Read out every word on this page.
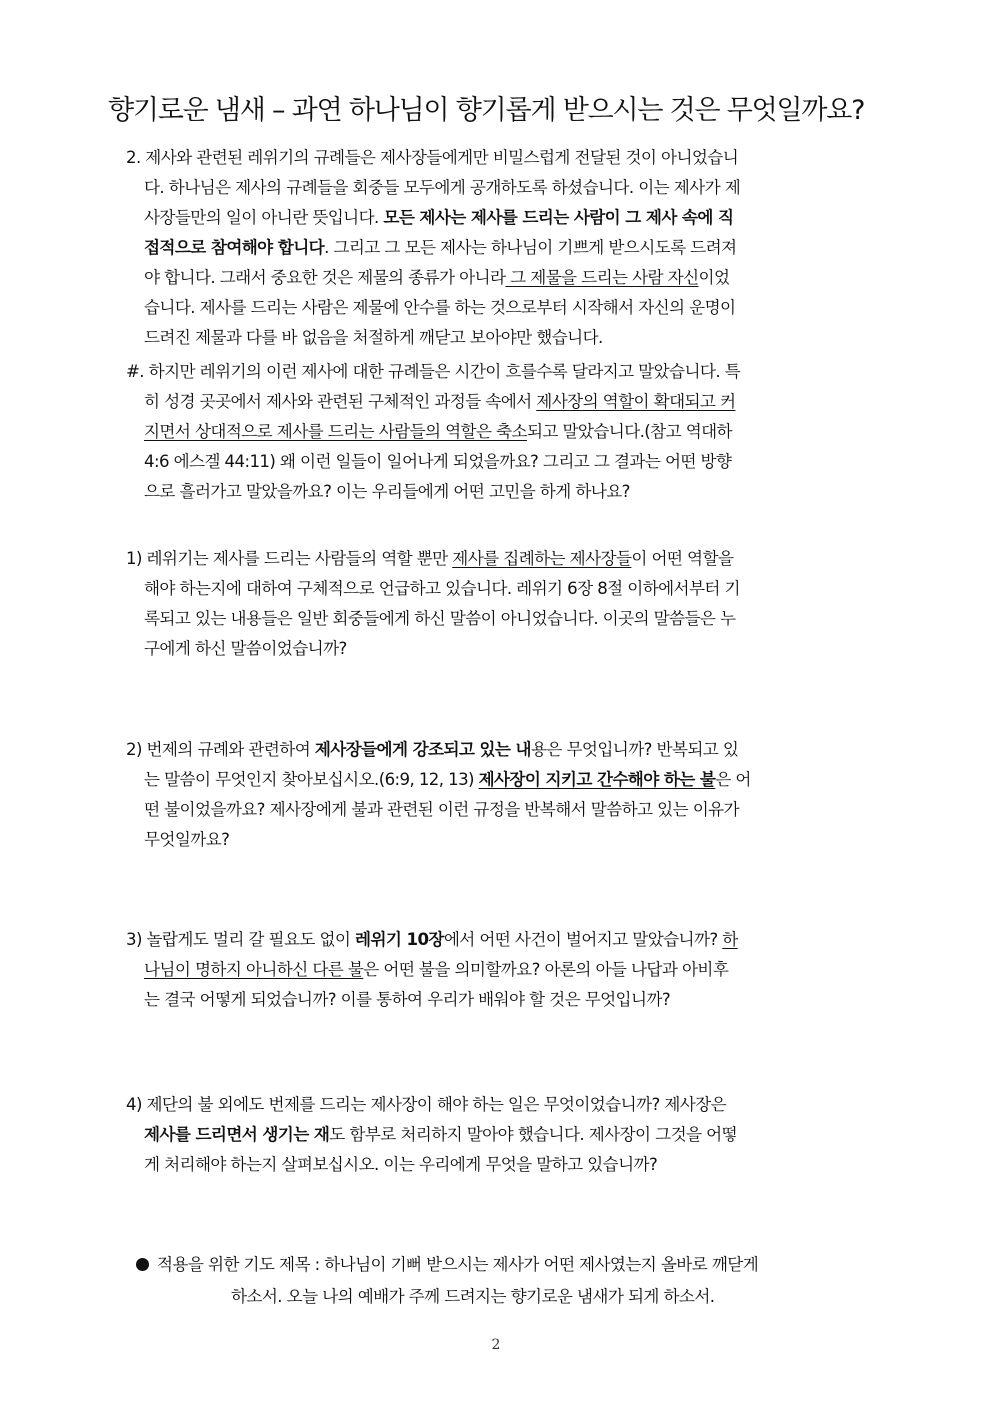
향기로운 냄새 – 과연 하나님이 향기롭게 받으시는 것은 무엇일까요?
2. 제사와 관련된 레위기의 규례들은 제사장들에게만 비밀스럽게 전달된 것이 아니었습니
다. 하나님은 제사의 규례들을 회중들 모두에게 공개하도록 하셨습니다. 이는 제사가 제
사장들만의 일이 아니란 뜻입니다. 모든 제사는 제사를 드리는 사람이 그 제사 속에 직
접적으로 참여해야 합니다. 그리고 그 모든 제사는 하나님이 기쁘게 받으시도록 드려져
야 합니다. 그래서 중요한 것은 제물의 종류가 아니라 그 제물을 드리는 사람 자신이었
습니다. 제사를 드리는 사람은 제물에 안수를 하는 것으로부터 시작해서 자신의 운명이
드려진 제물과 다를 바 없음을 처절하게 깨닫고 보아야만 했습니다.
#. 하지만 레위기의 이런 제사에 대한 규례들은 시간이 흐를수록 달라지고 말았습니다. 특
히 성경 곳곳에서 제사와 관련된 구체적인 과정들 속에서 제사장의 역할이 확대되고 커
지면서 상대적으로 제사를 드리는 사람들의 역할은 축소되고 말았습니다.(참고 역대하
4:6 에스겔 44:11) 왜 이런 일들이 일어나게 되었을까요? 그리고 그 결과는 어떤 방향
으로 흘러가고 말았을까요? 이는 우리들에게 어떤 고민을 하게 하나요?
1) 레위기는 제사를 드리는 사람들의 역할 뿐만 제사를 집례하는 제사장들이 어떤 역할을
해야 하는지에 대하여 구체적으로 언급하고 있습니다. 레위기 6장 8절 이하에서부터 기
록되고 있는 내용들은 일반 회중들에게 하신 말씀이 아니었습니다. 이곳의 말씀들은 누
구에게 하신 말씀이었습니까?
2) 번제의 규례와 관련하여 제사장들에게 강조되고 있는 내용은 무엇입니까? 반복되고 있
는 말씀이 무엇인지 찾아보십시오.(6:9, 12, 13) 제사장이 지키고 간수해야 하는 불은 어
떤 불이었을까요? 제사장에게 불과 관련된 이런 규정을 반복해서 말씀하고 있는 이유가
무엇일까요?
3) 놀랍게도 멀리 갈 필요도 없이 레위기 10장에서 어떤 사건이 벌어지고 말았습니까? 하
나님이 명하지 아니하신 다른 불은 어떤 불을 의미할까요? 아론의 아들 나답과 아비후
는 결국 어떻게 되었습니까? 이를 통하여 우리가 배워야 할 것은 무엇입니까?
4) 제단의 불 외에도 번제를 드리는 제사장이 해야 하는 일은 무엇이었습니까? 제사장은
제사를 드리면서 생기는 재도 함부로 처리하지 말아야 했습니다. 제사장이 그것을 어떻
게 처리해야 하는지 살펴보십시오. 이는 우리에게 무엇을 말하고 있습니까?
적용을 위한 기도 제목 : 하나님이 기뻐 받으시는 제사가 어떤 제사였는지 올바로 깨닫게
하소서. 오늘 나의 예배가 주께 드려지는 향기로운 냄새가 되게 하소서.
2
